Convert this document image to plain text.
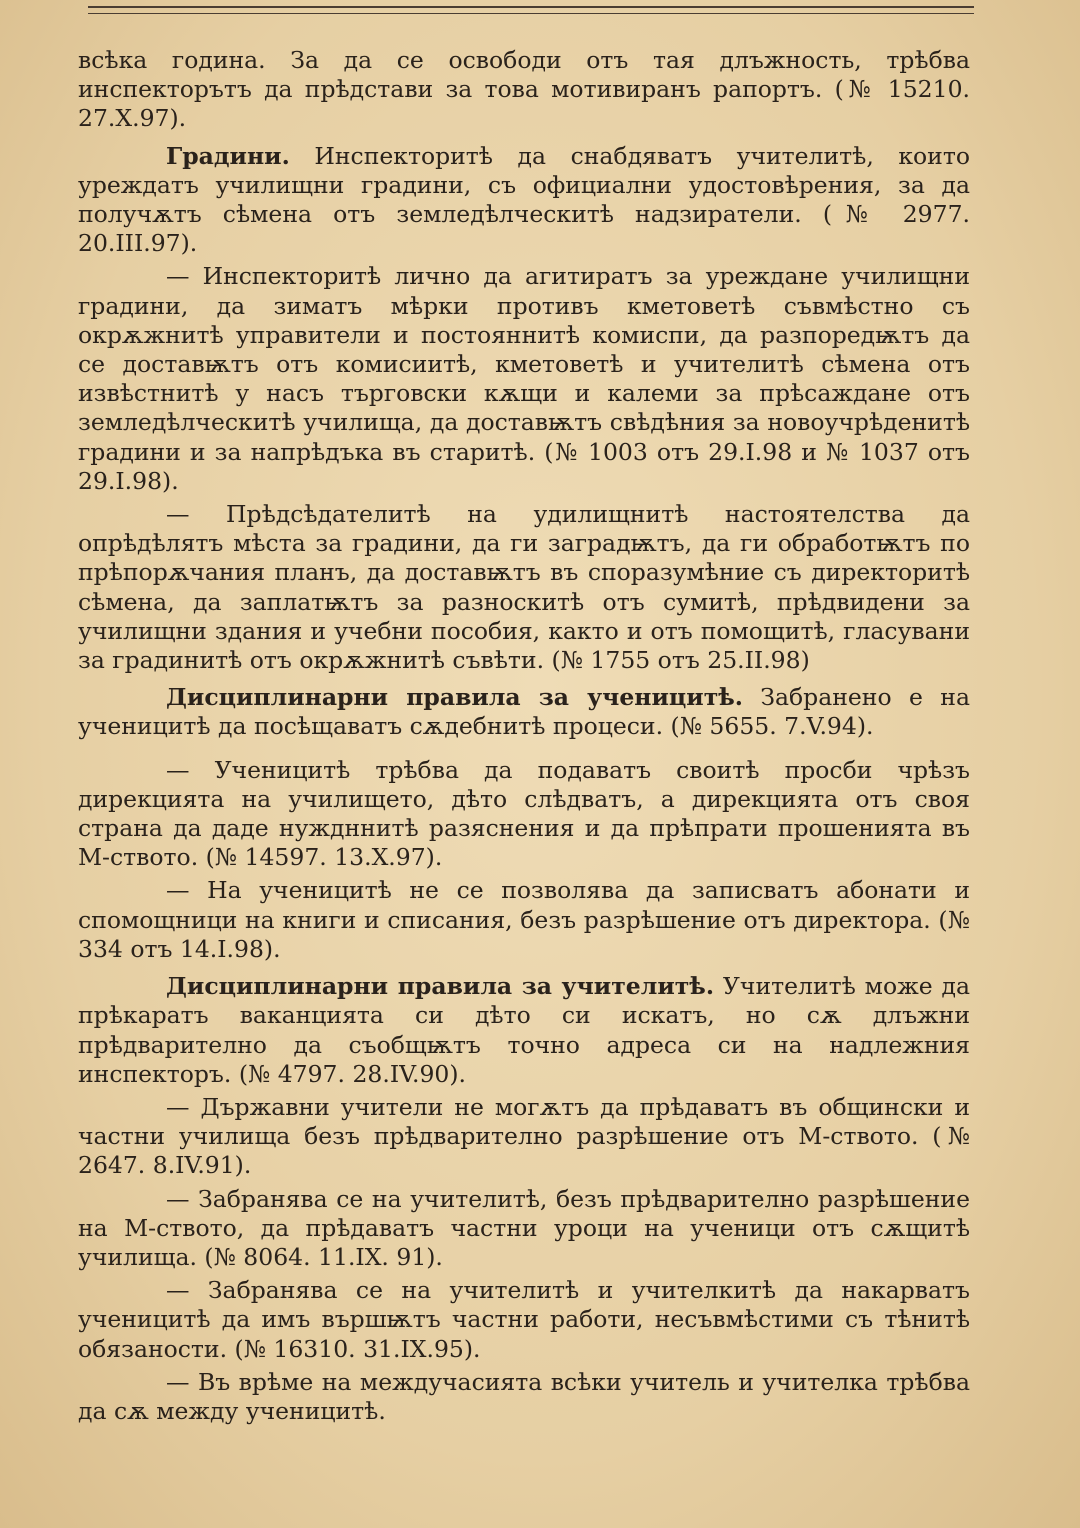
всѣка година. За да се освободи отъ тая длъжность, трѣбва инспекторътъ да прѣдстави за това мотивиранъ рапортъ. (№ 15210. 27.X.97).

Градини. Инспекторитѣ да снабдяватъ учителитѣ, които уреждатъ училищни градини, съ официални удостовѣрения, за да получѫтъ сѣмена отъ земледѣлческитѣ надзиратели. (№ 2977. 20.III.97).

— Инспекторитѣ лично да агитиратъ за уреждане училищни градини, да зиматъ мѣрки противъ кметоветѣ съвмѣстно съ окрѫжнитѣ управители и постояннитѣ комиспи, да разпоредѭтъ да се доставѭтъ отъ комисиитѣ, кметоветѣ и учителитѣ сѣмена отъ извѣстнитѣ у насъ търговски кѫщи и калеми за прѣсаждане отъ земледѣлческитѣ училища, да доставѭтъ свѣдѣния за новоучрѣденитѣ градини и за напрѣдъка въ старитѣ. (№ 1003 отъ 29.I.98 и № 1037 отъ 29.I.98).

— Прѣдсѣдателитѣ на удилищнитѣ настоятелства да опрѣдѣлятъ мѣста за градини, да ги заградѭтъ, да ги обработѭтъ по прѣпорѫчания планъ, да доставѭтъ въ споразумѣние съ директоритѣ сѣмена, да заплатѭтъ за разноскитѣ отъ сумитѣ, прѣдвидени за училищни здания и учебни пособия, както и отъ помощитѣ, гласувани за градинитѣ отъ окрѫжнитѣ съвѣти. (№ 1755 отъ 25.II.98)

Дисциплинарни правила за ученицитѣ. Забранено е на ученицитѣ да посѣщаватъ сѫдебнитѣ процеси. (№ 5655. 7.V.94).

— Ученицитѣ трѣбва да подаватъ своитѣ просби чрѣзъ дирекцията на училището, дѣто слѣдватъ, а дирекцията отъ своя страна да даде нуждннитѣ разяснения и да прѣпрати прошенията въ М-ството. (№ 14597. 13.X.97).

— На ученицитѣ не се позволява да записватъ абонати и спомощници на книги и списания, безъ разрѣшение отъ директора. (№ 334 отъ 14.I.98).

Дисциплинарни правила за учителитѣ. Учителитѣ може да прѣкаратъ ваканцията си дѣто си искатъ, но сѫ длъжни прѣдварително да съобщѭтъ точно адреса си на надлежния инспекторъ. (№ 4797. 28.IV.90).

— Държавни учители не могѫтъ да прѣдаватъ въ общински и частни училища безъ прѣдварително разрѣшение отъ М-ството. (№ 2647. 8.IV.91).

— Забранява се на учителитѣ, безъ прѣдварително разрѣшение на М-ството, да прѣдаватъ частни уроци на ученици отъ сѫщитѣ училища. (№ 8064. 11.IX. 91).

— Забранява се на учителитѣ и учителкитѣ да накарватъ ученицитѣ да имъ вършѭтъ частни работи, несъвмѣстими съ тѣнитѣ обязаности. (№ 16310. 31.IX.95).

— Въ врѣме на междучасията всѣки учитель и учителка трѣбва да сѫ между ученицитѣ.
